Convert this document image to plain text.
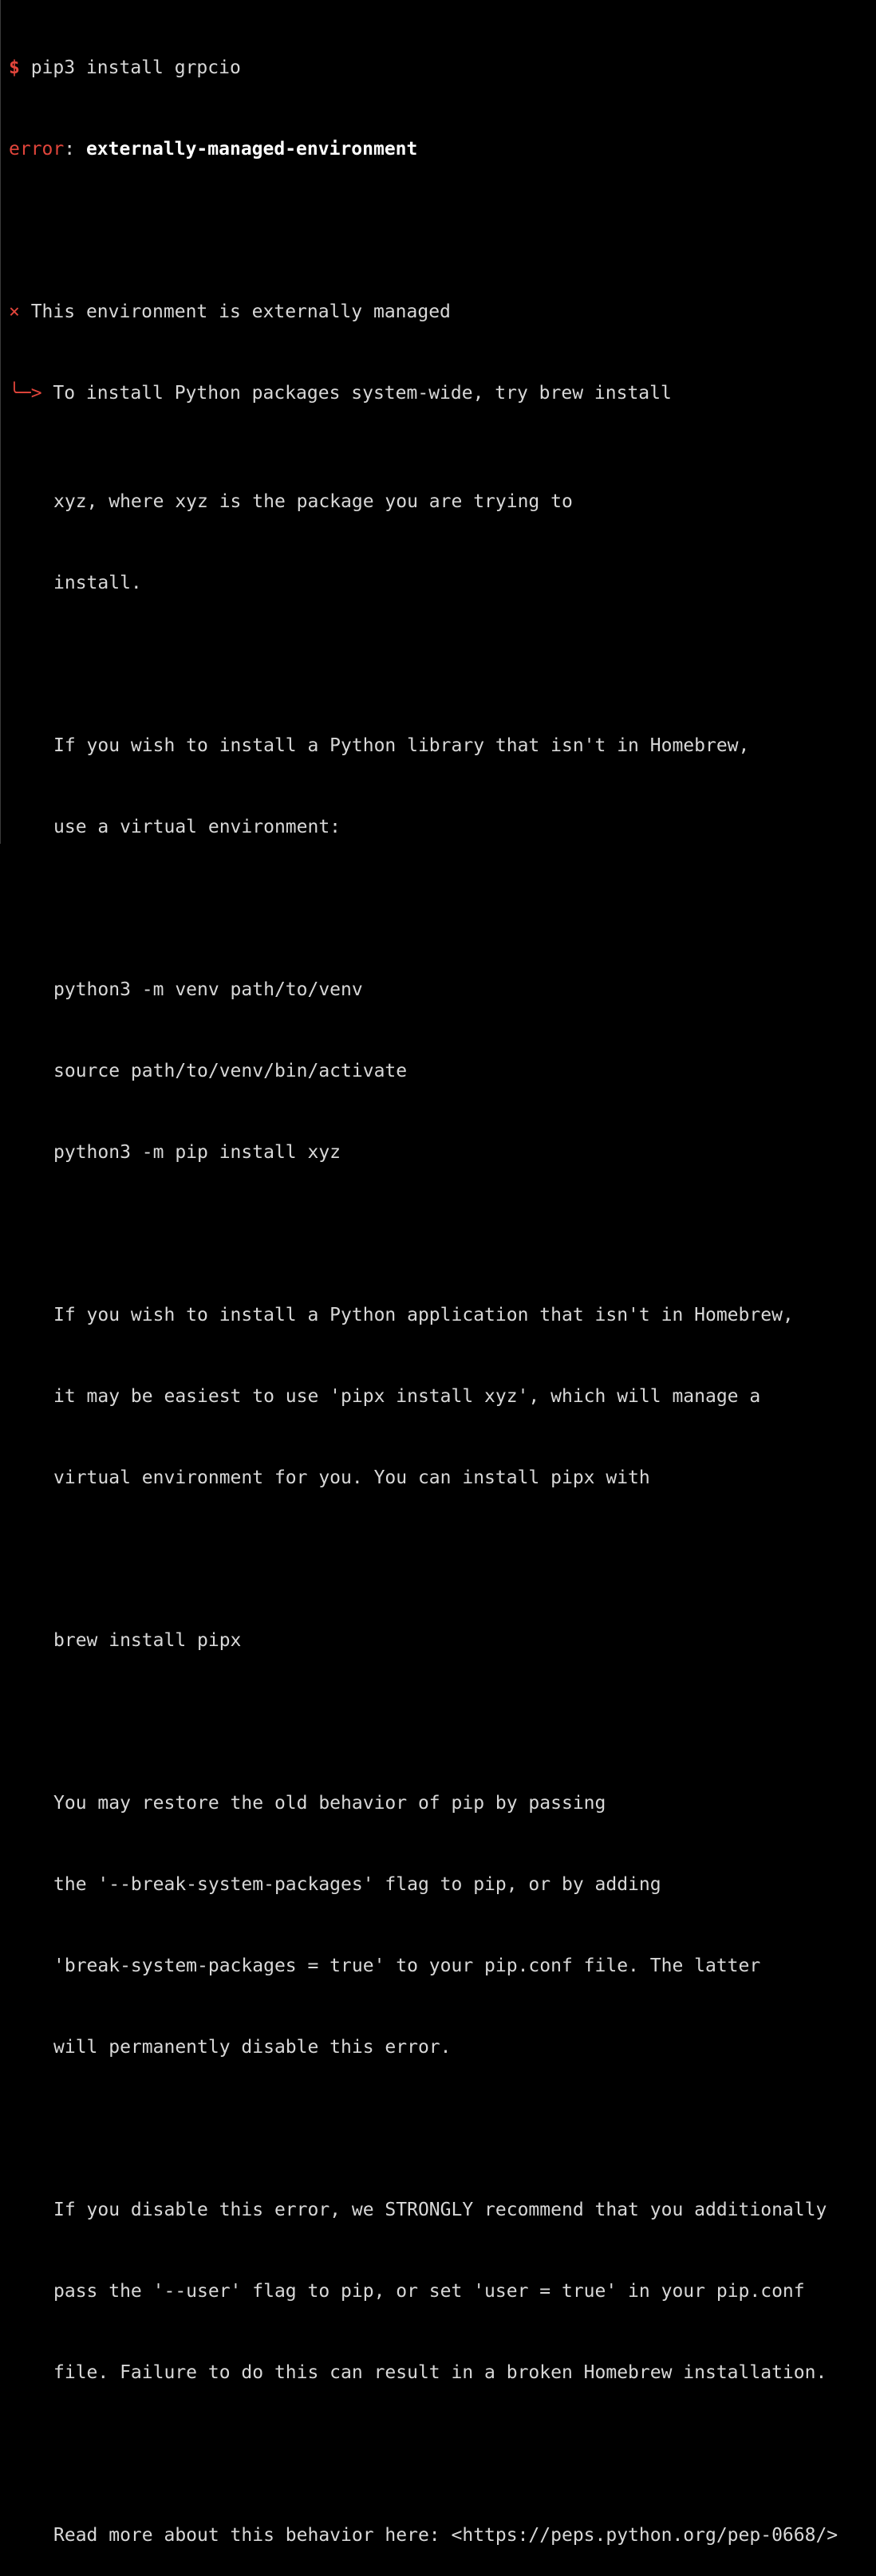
$ pip3 install grpcio

error: externally-managed-environment

× This environment is externally managed

╰─> To install Python packages system-wide, try brew install

xyz, where xyz is the package you are trying to

install.

If you wish to install a Python library that isn't in Homebrew,

use a virtual environment:

python3 -m venv path/to/venv

source path/to/venv/bin/activate

python3 -m pip install xyz

If you wish to install a Python application that isn't in Homebrew,

it may be easiest to use 'pipx install xyz', which will manage a

virtual environment for you. You can install pipx with

brew install pipx

You may restore the old behavior of pip by passing

the '--break-system-packages' flag to pip, or by adding

'break-system-packages = true' to your pip.conf file. The latter

will permanently disable this error.

If you disable this error, we STRONGLY recommend that you additionally

pass the '--user' flag to pip, or set 'user = true' in your pip.conf

file. Failure to do this can result in a broken Homebrew installation.

Read more about this behavior here: <https://peps.python.org/pep-0668/>
